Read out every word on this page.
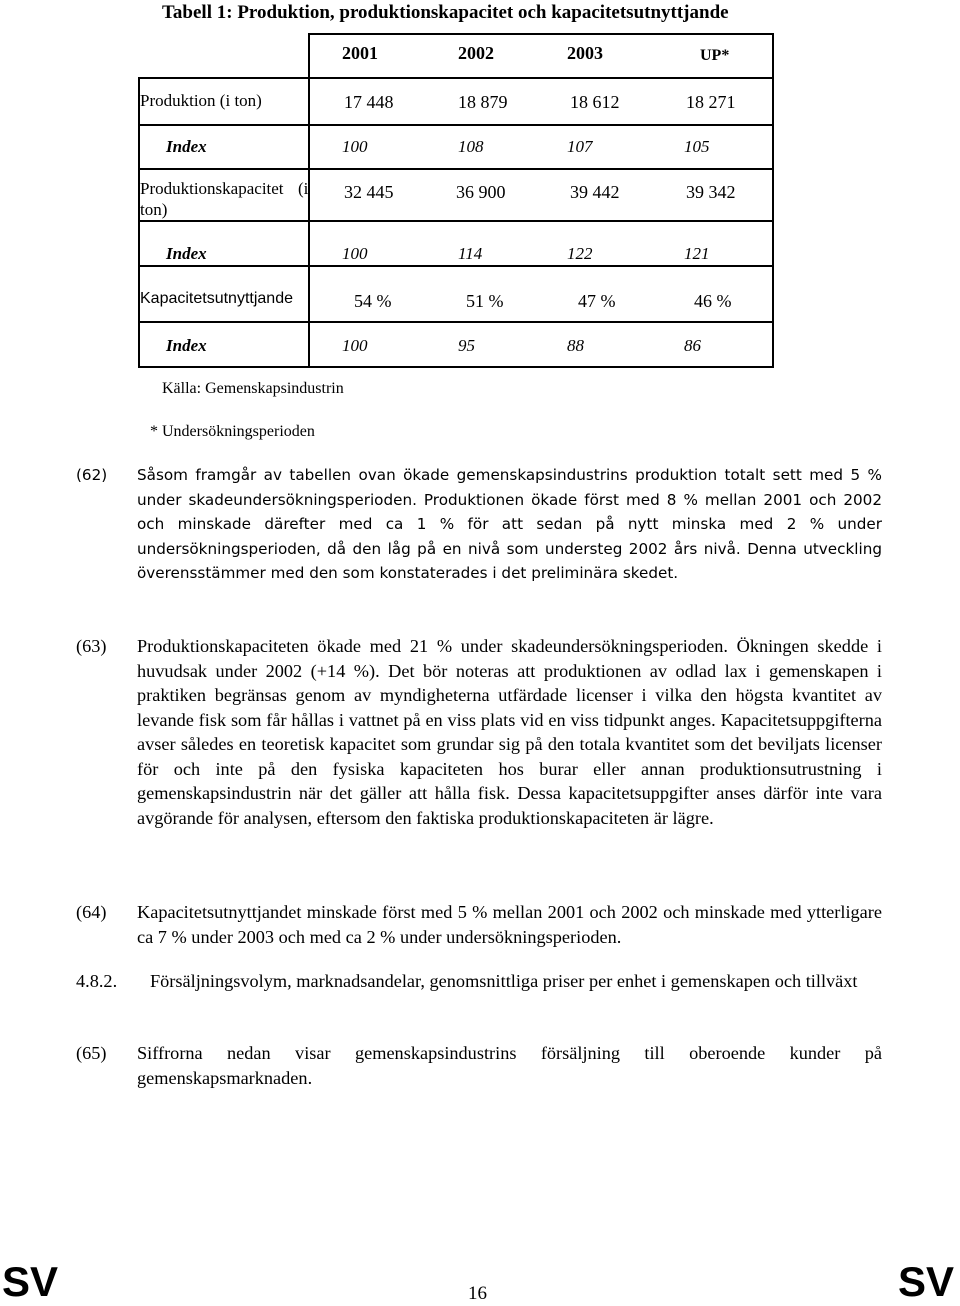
Tabell 1: Produktion, produktionskapacitet och kapacitetsutnyttjande
2001	2002	2003	UP*
Produktion (i ton)	17 448	18 879	18 612	18 271
Index	100	108	107	105
Produktionskapacitet (i
ton)
32 445	36 900	39 442	39 342
Index	100	114	122	121
Kapacitetsutnyttjande	54 %	51 %	47 %	46 %
Index	100	95	88	86
Källa: Gemenskapsindustrin
* Undersökningsperioden
(62) Såsom framgår av tabellen ovan ökade gemenskapsindustrins produktion totalt sett med 5 % under skadeundersökningsperioden. Produktionen ökade först med 8 % mellan 2001 och 2002 och minskade därefter med ca 1 % för att sedan på nytt minska med 2 % under undersökningsperioden, då den låg på en nivå som understeg 2002 års nivå. Denna utveckling överensstämmer med den som konstaterades i det preliminära skedet.
(63) Produktionskapaciteten ökade med 21 % under skadeundersökningsperioden. Ökningen skedde i huvudsak under 2002 (+14 %). Det bör noteras att produktionen av odlad lax i gemenskapen i praktiken begränsas genom av myndigheterna utfärdade licenser i vilka den högsta kvantitet av levande fisk som får hållas i vattnet på en viss plats vid en viss tidpunkt anges. Kapacitetsuppgifterna avser således en teoretisk kapacitet som grundar sig på den totala kvantitet som det beviljats licenser för och inte på den fysiska kapaciteten hos burar eller annan produktionsutrustning i gemenskapsindustrin när det gäller att hålla fisk. Dessa kapacitetsuppgifter anses därför inte vara avgörande för analysen, eftersom den faktiska produktionskapaciteten är lägre.
(64) Kapacitetsutnyttjandet minskade först med 5 % mellan 2001 och 2002 och minskade med ytterligare ca 7 % under 2003 och med ca 2 % under undersökningsperioden.
4.8.2. Försäljningsvolym, marknadsandelar, genomsnittliga priser per enhet i gemenskapen och tillväxt
(65) Siffrorna nedan visar gemenskapsindustrins försäljning till oberoende kunder på gemenskapsmarknaden.
SV	16	SV
